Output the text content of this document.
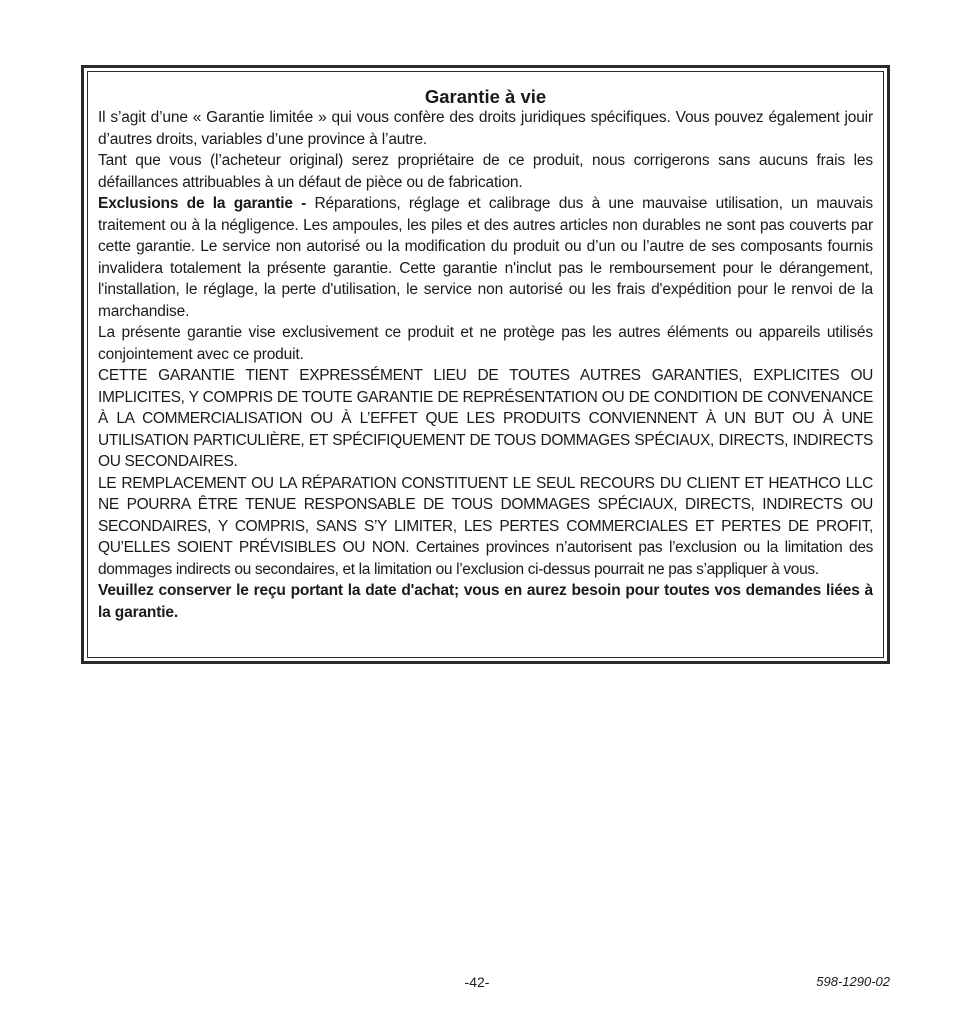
Garantie à vie

Il s’agit d’une « Garantie limitée » qui vous confère des droits juridiques spécifiques. Vous pouvez également jouir d’autres droits, variables d’une province à l’autre.

Tant que vous (l’acheteur original) serez propriétaire de ce produit, nous corrigerons sans aucuns frais les défaillances attribuables à un défaut de pièce ou de fabrication.

Exclusions de la garantie - Réparations, réglage et calibrage dus à une mauvaise utilisation, un mauvais traitement ou à la négligence. Les ampoules, les piles et des autres articles non durables ne sont pas couverts par cette garantie. Le service non autorisé ou la modification du produit ou d’un ou l’autre de ses composants fournis invalidera totalement la présente garantie. Cette garantie n'inclut pas le remboursement pour le dérangement, l'installation, le réglage, la perte d'utilisation, le service non autorisé ou les frais d'expédition pour le renvoi de la marchandise.

La présente garantie vise exclusivement ce produit et ne protège pas les autres éléments ou appareils utilisés conjointement avec ce produit.

CETTE GARANTIE TIENT EXPRESSÉMENT LIEU DE TOUTES AUTRES GARANTIES, EXPLICITES OU IMPLICITES, Y COMPRIS DE TOUTE GARANTIE DE REPRÉSENTATION OU DE CONDITION DE CONVENANCE À LA COMMERCIALISATION OU À L’EFFET QUE LES PRODUITS CONVIENNENT À UN BUT OU À UNE UTILISATION PARTICULIÈRE, ET SPÉCIFIQUEMENT DE TOUS DOMMAGES SPÉCIAUX, DIRECTS, INDIRECTS OU SECONDAIRES.

LE REMPLACEMENT OU LA RÉPARATION CONSTITUENT LE SEUL RECOURS DU CLIENT ET HEATHCO LLC NE POURRA ÊTRE TENUE RESPONSABLE DE TOUS DOMMAGES SPÉCIAUX, DIRECTS, INDIRECTS OU SECONDAIRES, Y COMPRIS, SANS S’Y LIMITER, LES PERTES COMMERCIALES ET PERTES DE PROFIT, QU’ELLES SOIENT PRÉVISIBLES OU NON. Certaines provinces n’autorisent pas l’exclusion ou la limitation des dommages indirects ou secondaires, et la limitation ou l’exclusion ci-dessus pourrait ne pas s’appliquer à vous.

Veuillez conserver le reçu portant la date d'achat; vous en aurez besoin pour toutes vos demandes liées à la garantie.

-42-	598-1290-02
